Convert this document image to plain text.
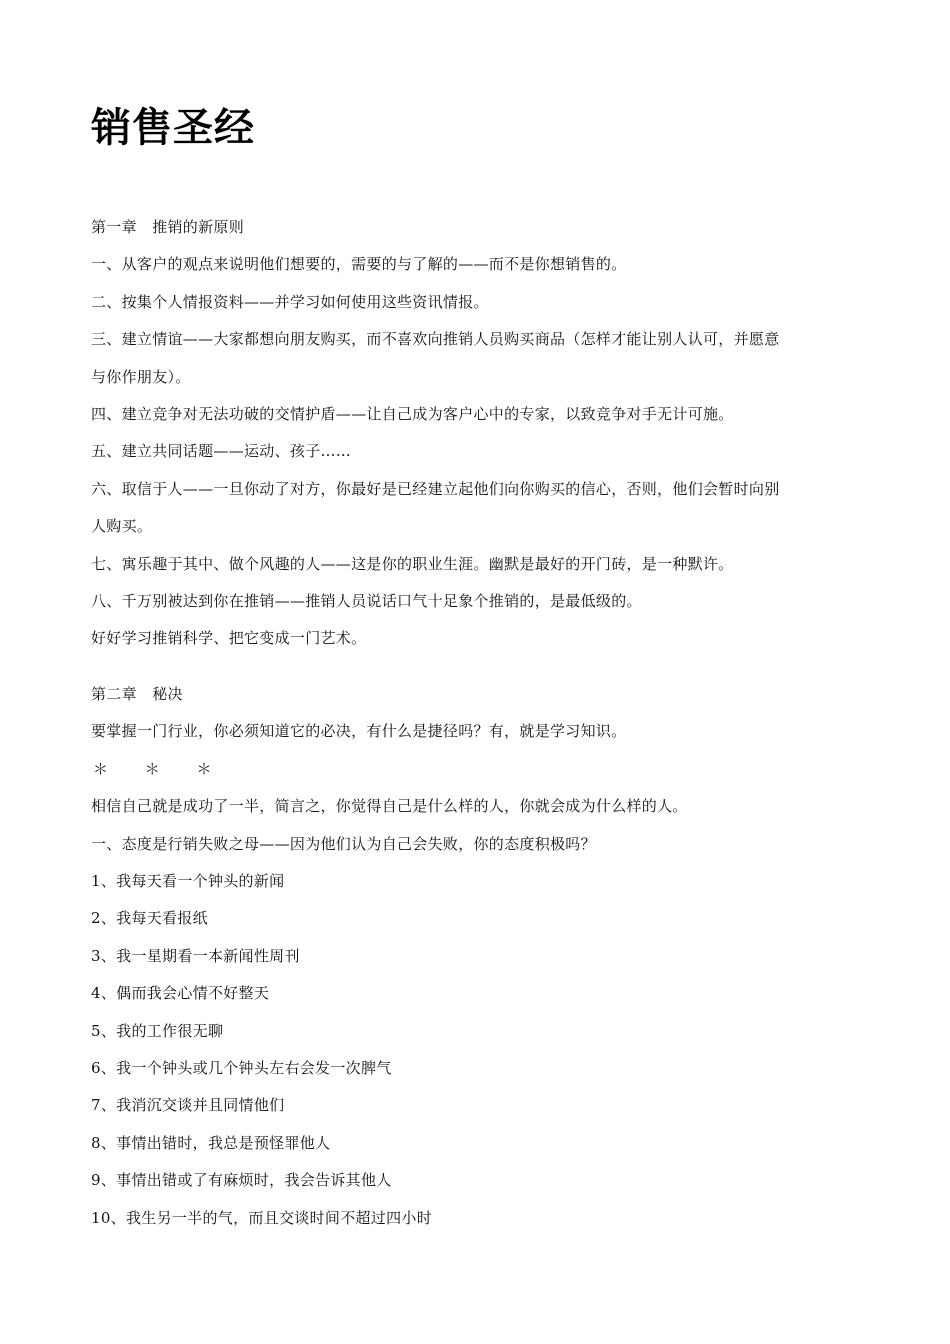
销售圣经

第一章　推销的新原则

一、从客户的观点来说明他们想要的，需要的与了解的——而不是你想销售的。

二、按集个人情报资料——并学习如何使用这些资讯情报。

三、建立情谊——大家都想向朋友购买，而不喜欢向推销人员购买商品（怎样才能让别人认可，并愿意

与你作朋友）。

四、建立竞争对无法功破的交情护盾——让自己成为客户心中的专家，以致竞争对手无计可施。

五、建立共同话题——运动、孩子……

六、取信于人——一旦你动了对方，你最好是已经建立起他们向你购买的信心，否则，他们会暂时向别

人购买。

七、寓乐趣于其中、做个风趣的人——这是你的职业生涯。幽默是最好的开门砖，是一种默许。

八、千万别被达到你在推销——推销人员说话口气十足象个推销的，是最低级的。

好好学习推销科学、把它变成一门艺术。

第二章　秘决

要掌握一门行业，你必须知道它的必决，有什么是捷径吗？有，就是学习知识。

＊ ＊ ＊

相信自己就是成功了一半，简言之，你觉得自己是什么样的人，你就会成为什么样的人。

一、态度是行销失败之母——因为他们认为自己会失败，你的态度积极吗？

1、我每天看一个钟头的新闻

2、我每天看报纸

3、我一星期看一本新闻性周刊

4、偶而我会心情不好整天

5、我的工作很无聊

6、我一个钟头或几个钟头左右会发一次脾气

7、我消沉交谈并且同情他们

8、事情出错时，我总是预怪罪他人

9、事情出错或了有麻烦时，我会告诉其他人

10、我生另一半的气，而且交谈时间不超过四小时
